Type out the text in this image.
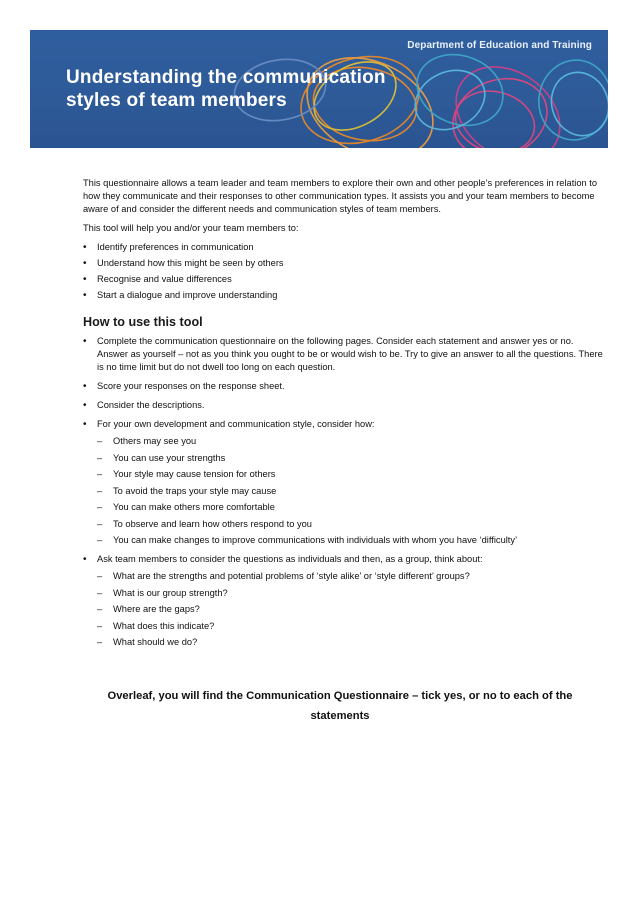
Department of Education and Training
Understanding the communication
styles of team members

This questionnaire allows a team leader and team members to explore their own and other people’s preferences in relation to how they communicate and their responses to other communication types. It assists you and your team members to become aware of and consider the different needs and communication styles of team members.

This tool will help you and/or your team members to:

• Identify preferences in communication
• Understand how this might be seen by others
• Recognise and value differences
• Start a dialogue and improve understanding
How to use this tool
• Complete the communication questionnaire on the following pages. Consider each statement and answer yes or no. Answer as yourself – not as you think you ought to be or would wish to be. Try to give an answer to all the questions. There is no time limit but do not dwell too long on each question.
• Score your responses on the response sheet.
• Consider the descriptions.
• For your own development and communication style, consider how:
– Others may see you
– You can use your strengths
– Your style may cause tension for others
– To avoid the traps your style may cause
– You can make others more comfortable
– To observe and learn how others respond to you
– You can make changes to improve communications with individuals with whom you have ‘difficulty’
• Ask team members to consider the questions as individuals and then, as a group, think about:
– What are the strengths and potential problems of ‘style alike’ or ‘style different’ groups?
– What is our group strength?
– Where are the gaps?
– What does this indicate?
– What should we do?
Overleaf, you will find the Communication Questionnaire – tick yes, or no to each of the
statements
